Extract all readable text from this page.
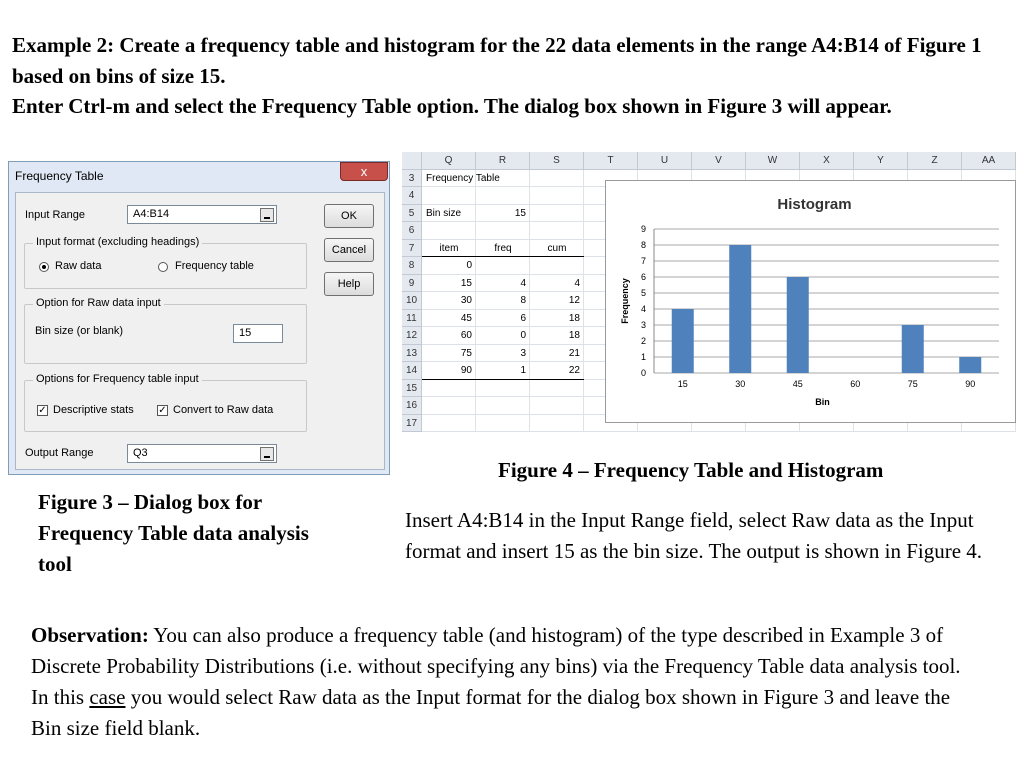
Example 2: Create a frequency table and histogram for the 22 data elements in the range A4:B14 of Figure 1 based on bins of size 15.

Enter Ctrl-m and select the Frequency Table option. The dialog box shown in Figure 3 will appear.

Frequency Table	x
Input Range	A4:B14	OK
Cancel
Help
Input format (excluding headings)
Raw data	Frequency table
Option for Raw data input
Bin size (or blank)	15
Options for Frequency table input
✓ Descriptive stats ✓ Convert to Raw data
Output Range	Q3
Q	R	S	T	U	V	W	X	Y	Z	AA
3
4
5
6
7
8
9
10
11
12
13
14
15
16
17
Frequency Table
Bin size	15
item	freq	cum
0
15	4	4
30	8	12
45	6	18
60	0	18
75	3	21
90	1	22
Histogram
0
1
2
3
4
5
6
7
8
9
15	30	45	60	75	90
Bin
Frequency
Figure 4 – Frequency Table and Histogram
Figure 3 – Dialog box for Frequency Table data analysis tool
Insert A4:B14 in the Input Range field, select Raw data as the Input format and insert 15 as the bin size. The output is shown in Figure 4.
Observation: You can also produce a frequency table (and histogram) of the type described in Example 3 of Discrete Probability Distributions (i.e. without specifying any bins) via the Frequency Table data analysis tool. In this case you would select Raw data as the Input format for the dialog box shown in Figure 3 and leave the Bin size field blank.
